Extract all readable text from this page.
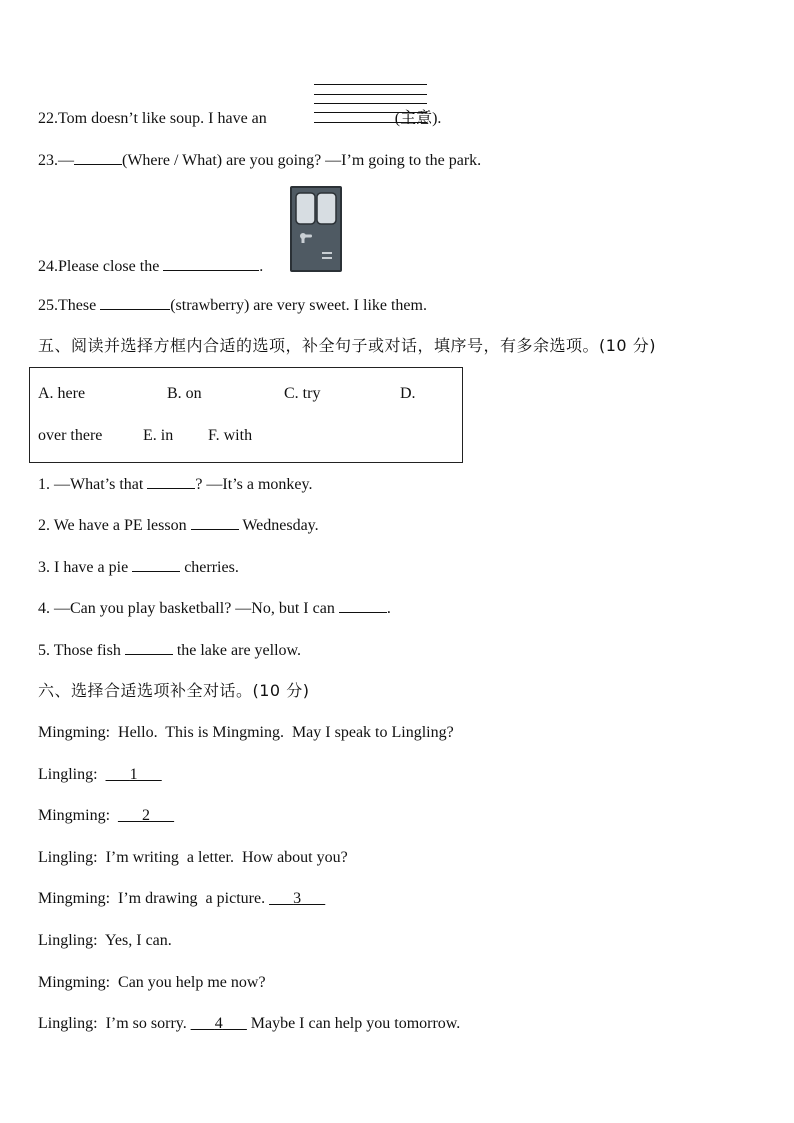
22.Tom doesn’t like soup. I have an	(主意).
23.—	(Where / What) are you going? —I’m going to the park.
24.Please close the	.
25.These	(strawberry) are very sweet. I like them.
五、阅读并选择方框内合适的选项，补全句子或对话，填序号，有多余选项。(10 分)
A. here	B. on	C. try	D.
over there	E. in F. with
1. —What’s that	? —It’s a monkey.
2. We have a PE lesson	Wednesday.
3. I have a pie	cherries.
4. —Can you play basketball? —No, but I can	.
5. Those fish	the lake are yellow.
六、选择合适选项补全对话。(10 分)
Mingming: Hello.  This is Mingming.  May I speak to Lingling?
Lingling: ___1___
Mingming: ___2___
Lingling: I’m writing  a letter.  How about you?
Mingming: I’m drawing  a picture. ___3___
Lingling: Yes, I can.
Mingming: Can you help me now?
Lingling: I’m so sorry. ___4___ Maybe I can help you tomorrow.
